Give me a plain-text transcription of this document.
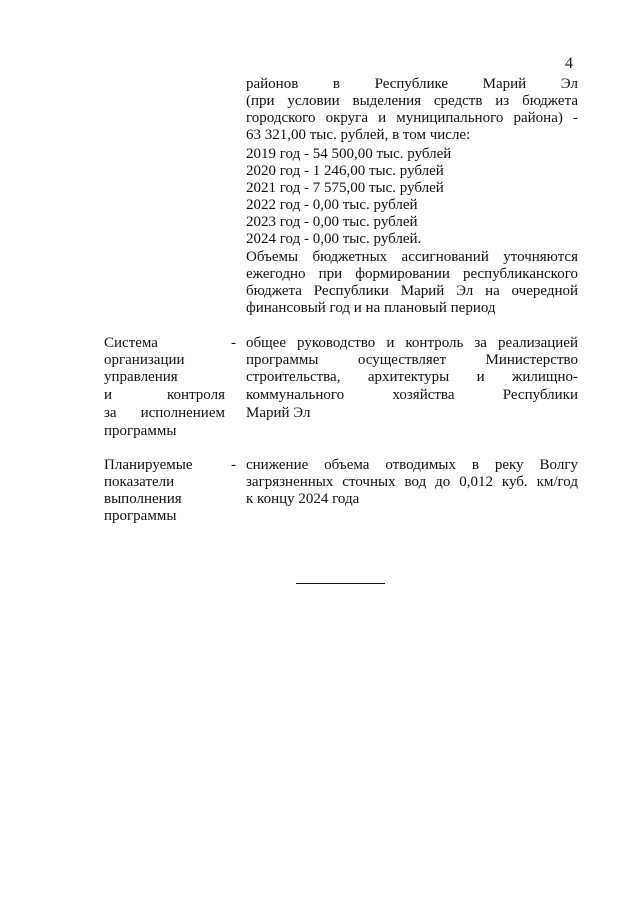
4
районов в Республике Марий Эл
(при условии выделения средств из бюджета
городского округа и муниципального района) -
63 321,00 тыс. рублей, в том числе:
2019 год - 54 500,00 тыс. рублей
2020 год - 1 246,00 тыс. рублей
2021 год - 7 575,00 тыс. рублей
2022 год - 0,00 тыс. рублей
2023 год - 0,00 тыс. рублей
2024 год - 0,00 тыс. рублей.
Объемы бюджетных ассигнований уточняются
ежегодно при формировании республиканского
бюджета Республики Марий Эл на очередной
финансовый год и на плановый период
Система
организации
управления
и контроля
за исполнением
программы
- общее руководство и контроль за реализацией
программы осуществляет Министерство
строительства, архитектуры и жилищно-
коммунального хозяйства Республики
Марий Эл
Планируемые
показатели
выполнения
программы
- снижение объема отводимых в реку Волгу
загрязненных сточных вод до 0,012 куб. км/год
к концу 2024 года
